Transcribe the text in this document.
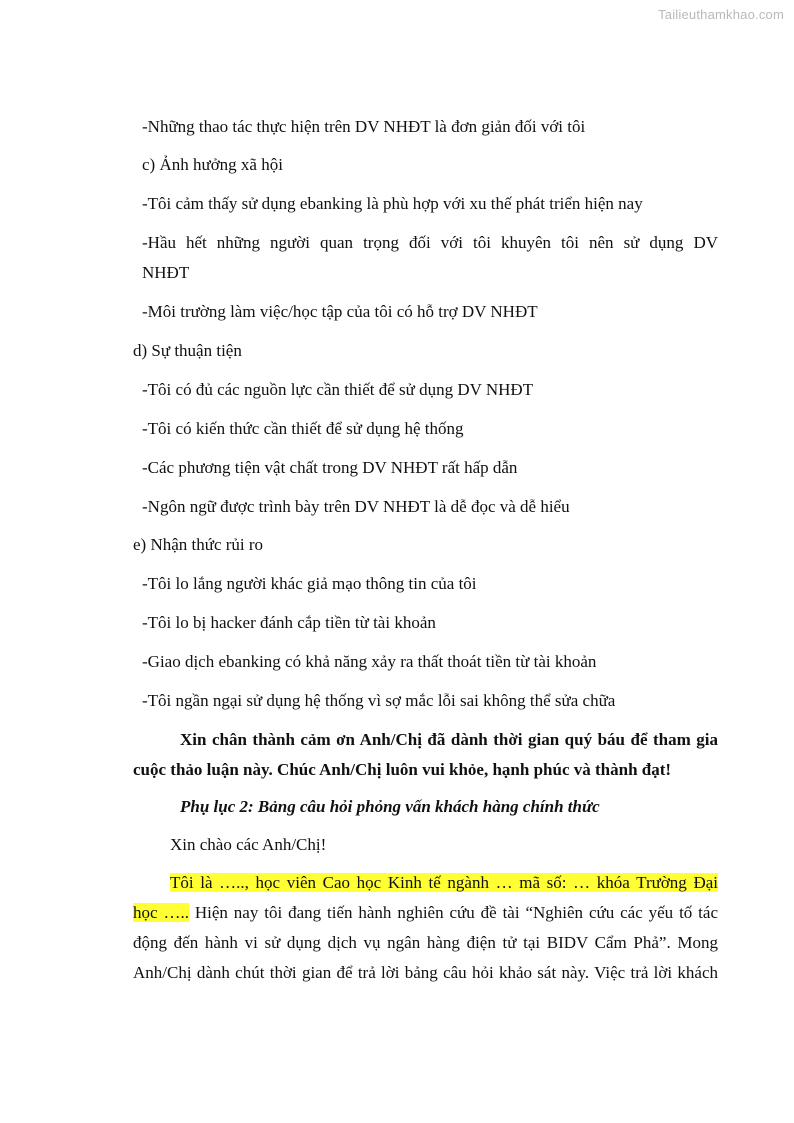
Tailieuthamkhao.com
-Những thao tác thực hiện trên DV NHĐT là đơn giản đối với tôi
c) Ảnh hưởng xã hội
-Tôi cảm thấy sử dụng ebanking là phù hợp với xu thế phát triển hiện nay
-Hầu hết những người quan trọng đối với tôi khuyên tôi nên sử dụng DV
NHĐT
-Môi trường làm việc/học tập của tôi có hỗ trợ DV NHĐT
d) Sự thuận tiện
-Tôi có đủ các nguồn lực cần thiết để sử dụng DV NHĐT
-Tôi có kiến thức cần thiết để sử dụng hệ thống
-Các phương tiện vật chất trong DV NHĐT rất hấp dẫn
-Ngôn ngữ được trình bày trên DV NHĐT là dễ đọc và dễ hiểu
e) Nhận thức rủi ro
-Tôi lo lắng người khác giả mạo thông tin của tôi
-Tôi lo bị hacker đánh cắp tiền từ tài khoản
-Giao dịch ebanking có khả năng xảy ra thất thoát tiền từ tài khoản
-Tôi ngần ngại sử dụng hệ thống vì sợ mắc lỗi sai không thể sửa chữa
Xin chân thành cảm ơn Anh/Chị đã dành thời gian quý báu để tham gia
cuộc thảo luận này. Chúc Anh/Chị luôn vui khỏe, hạnh phúc và thành đạt!
Phụ lục 2: Bảng câu hỏi phỏng vấn khách hàng chính thức
Xin chào các Anh/Chị!
Tôi là ….., học viên Cao học Kinh tế ngành … mã số: … khóa Trường Đại
học ….. Hiện nay tôi đang tiến hành nghiên cứu đề tài “Nghiên cứu các yếu tố tác
động đến hành vi sử dụng dịch vụ ngân hàng điện tử tại BIDV Cẩm Phả”. Mong
Anh/Chị dành chút thời gian để trả lời bảng câu hỏi khảo sát này. Việc trả lời khách
